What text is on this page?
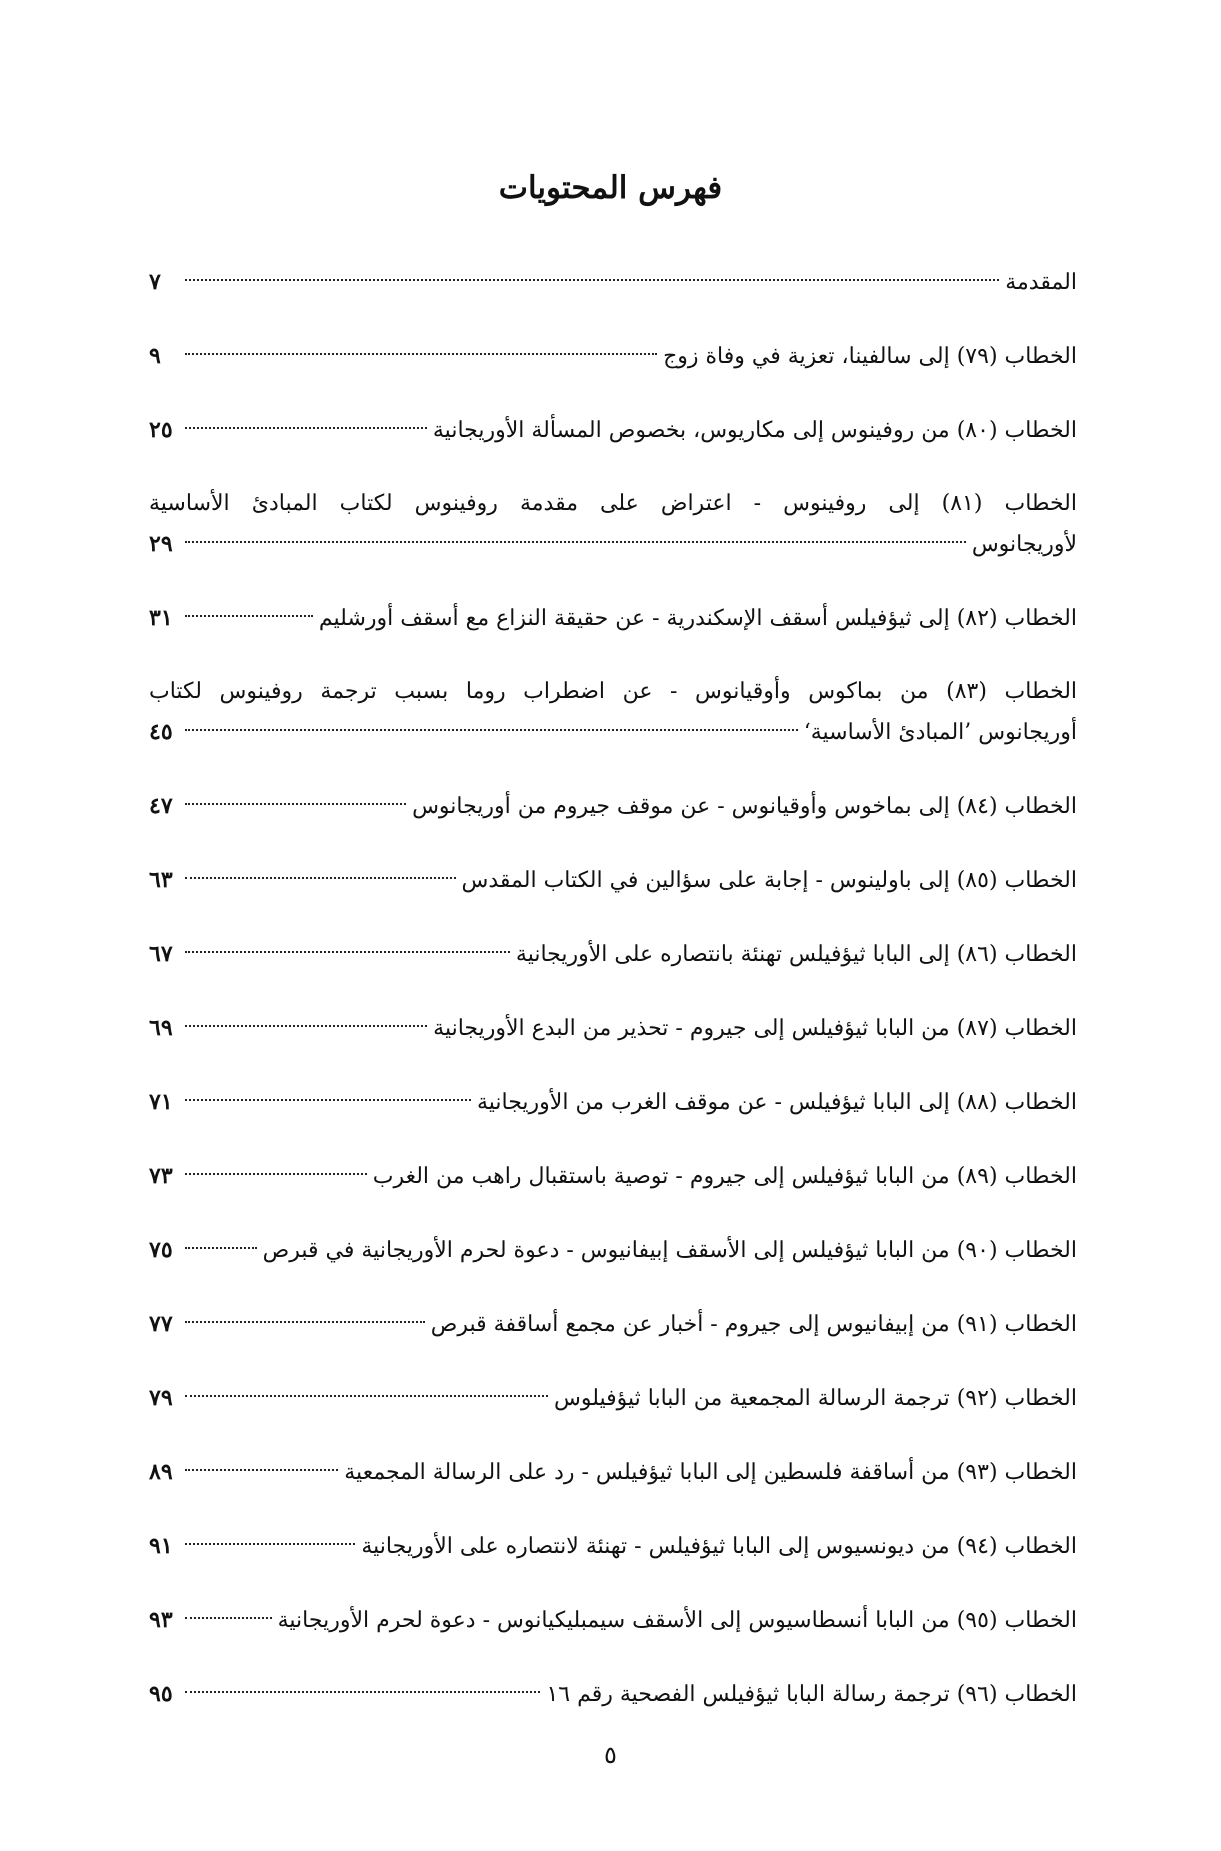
فهرس المحتويات
المقدمة
٧
الخطاب (٧٩) إلى سالفينا، تعزية في وفاة زوج
٩
الخطاب (٨٠) من روفينوس إلى مكاريوس، بخصوص المسألة الأوريجانية
٢٥
الخطاب (٨١) إلى روفينوس - اعتراض على مقدمة روفينوس لكتاب المبادئ الأساسية
لأوريجانوس
٢٩
الخطاب (٨٢) إلى ثيؤفيلس أسقف الإسكندرية - عن حقيقة النزاع مع أسقف أورشليم
٣١
الخطاب (٨٣) من بماكوس وأوقيانوس - عن اضطراب روما بسبب ترجمة روفينوس لكتاب
أوريجانوس ’المبادئ الأساسية‘
٤٥
الخطاب (٨٤) إلى بماخوس وأوقيانوس - عن موقف جيروم من أوريجانوس
٤٧
الخطاب (٨٥) إلى باولينوس - إجابة على سؤالين في الكتاب المقدس
٦٣
الخطاب (٨٦) إلى البابا ثيؤفيلس تهنئة بانتصاره على الأوريجانية
٦٧
الخطاب (٨٧) من البابا ثيؤفيلس إلى جيروم - تحذير من البدع الأوريجانية
٦٩
الخطاب (٨٨) إلى البابا ثيؤفيلس - عن موقف الغرب من الأوريجانية
٧١
الخطاب (٨٩) من البابا ثيؤفيلس إلى جيروم - توصية باستقبال راهب من الغرب
٧٣
الخطاب (٩٠) من البابا ثيؤفيلس إلى الأسقف إبيفانيوس - دعوة لحرم الأوريجانية في قبرص
٧٥
الخطاب (٩١) من إبيفانيوس إلى جيروم - أخبار عن مجمع أساقفة قبرص
٧٧
الخطاب (٩٢) ترجمة الرسالة المجمعية من البابا ثيؤفيلوس
٧٩
الخطاب (٩٣) من أساقفة فلسطين إلى البابا ثيؤفيلس - رد على الرسالة المجمعية
٨٩
الخطاب (٩٤) من ديونسيوس إلى البابا ثيؤفيلس - تهنئة لانتصاره على الأوريجانية
٩١
الخطاب (٩٥) من البابا أنسطاسيوس إلى الأسقف سيمبليكيانوس - دعوة لحرم الأوريجانية
٩٣
الخطاب (٩٦) ترجمة رسالة البابا ثيؤفيلس الفصحية رقم ١٦
٩٥
٥
